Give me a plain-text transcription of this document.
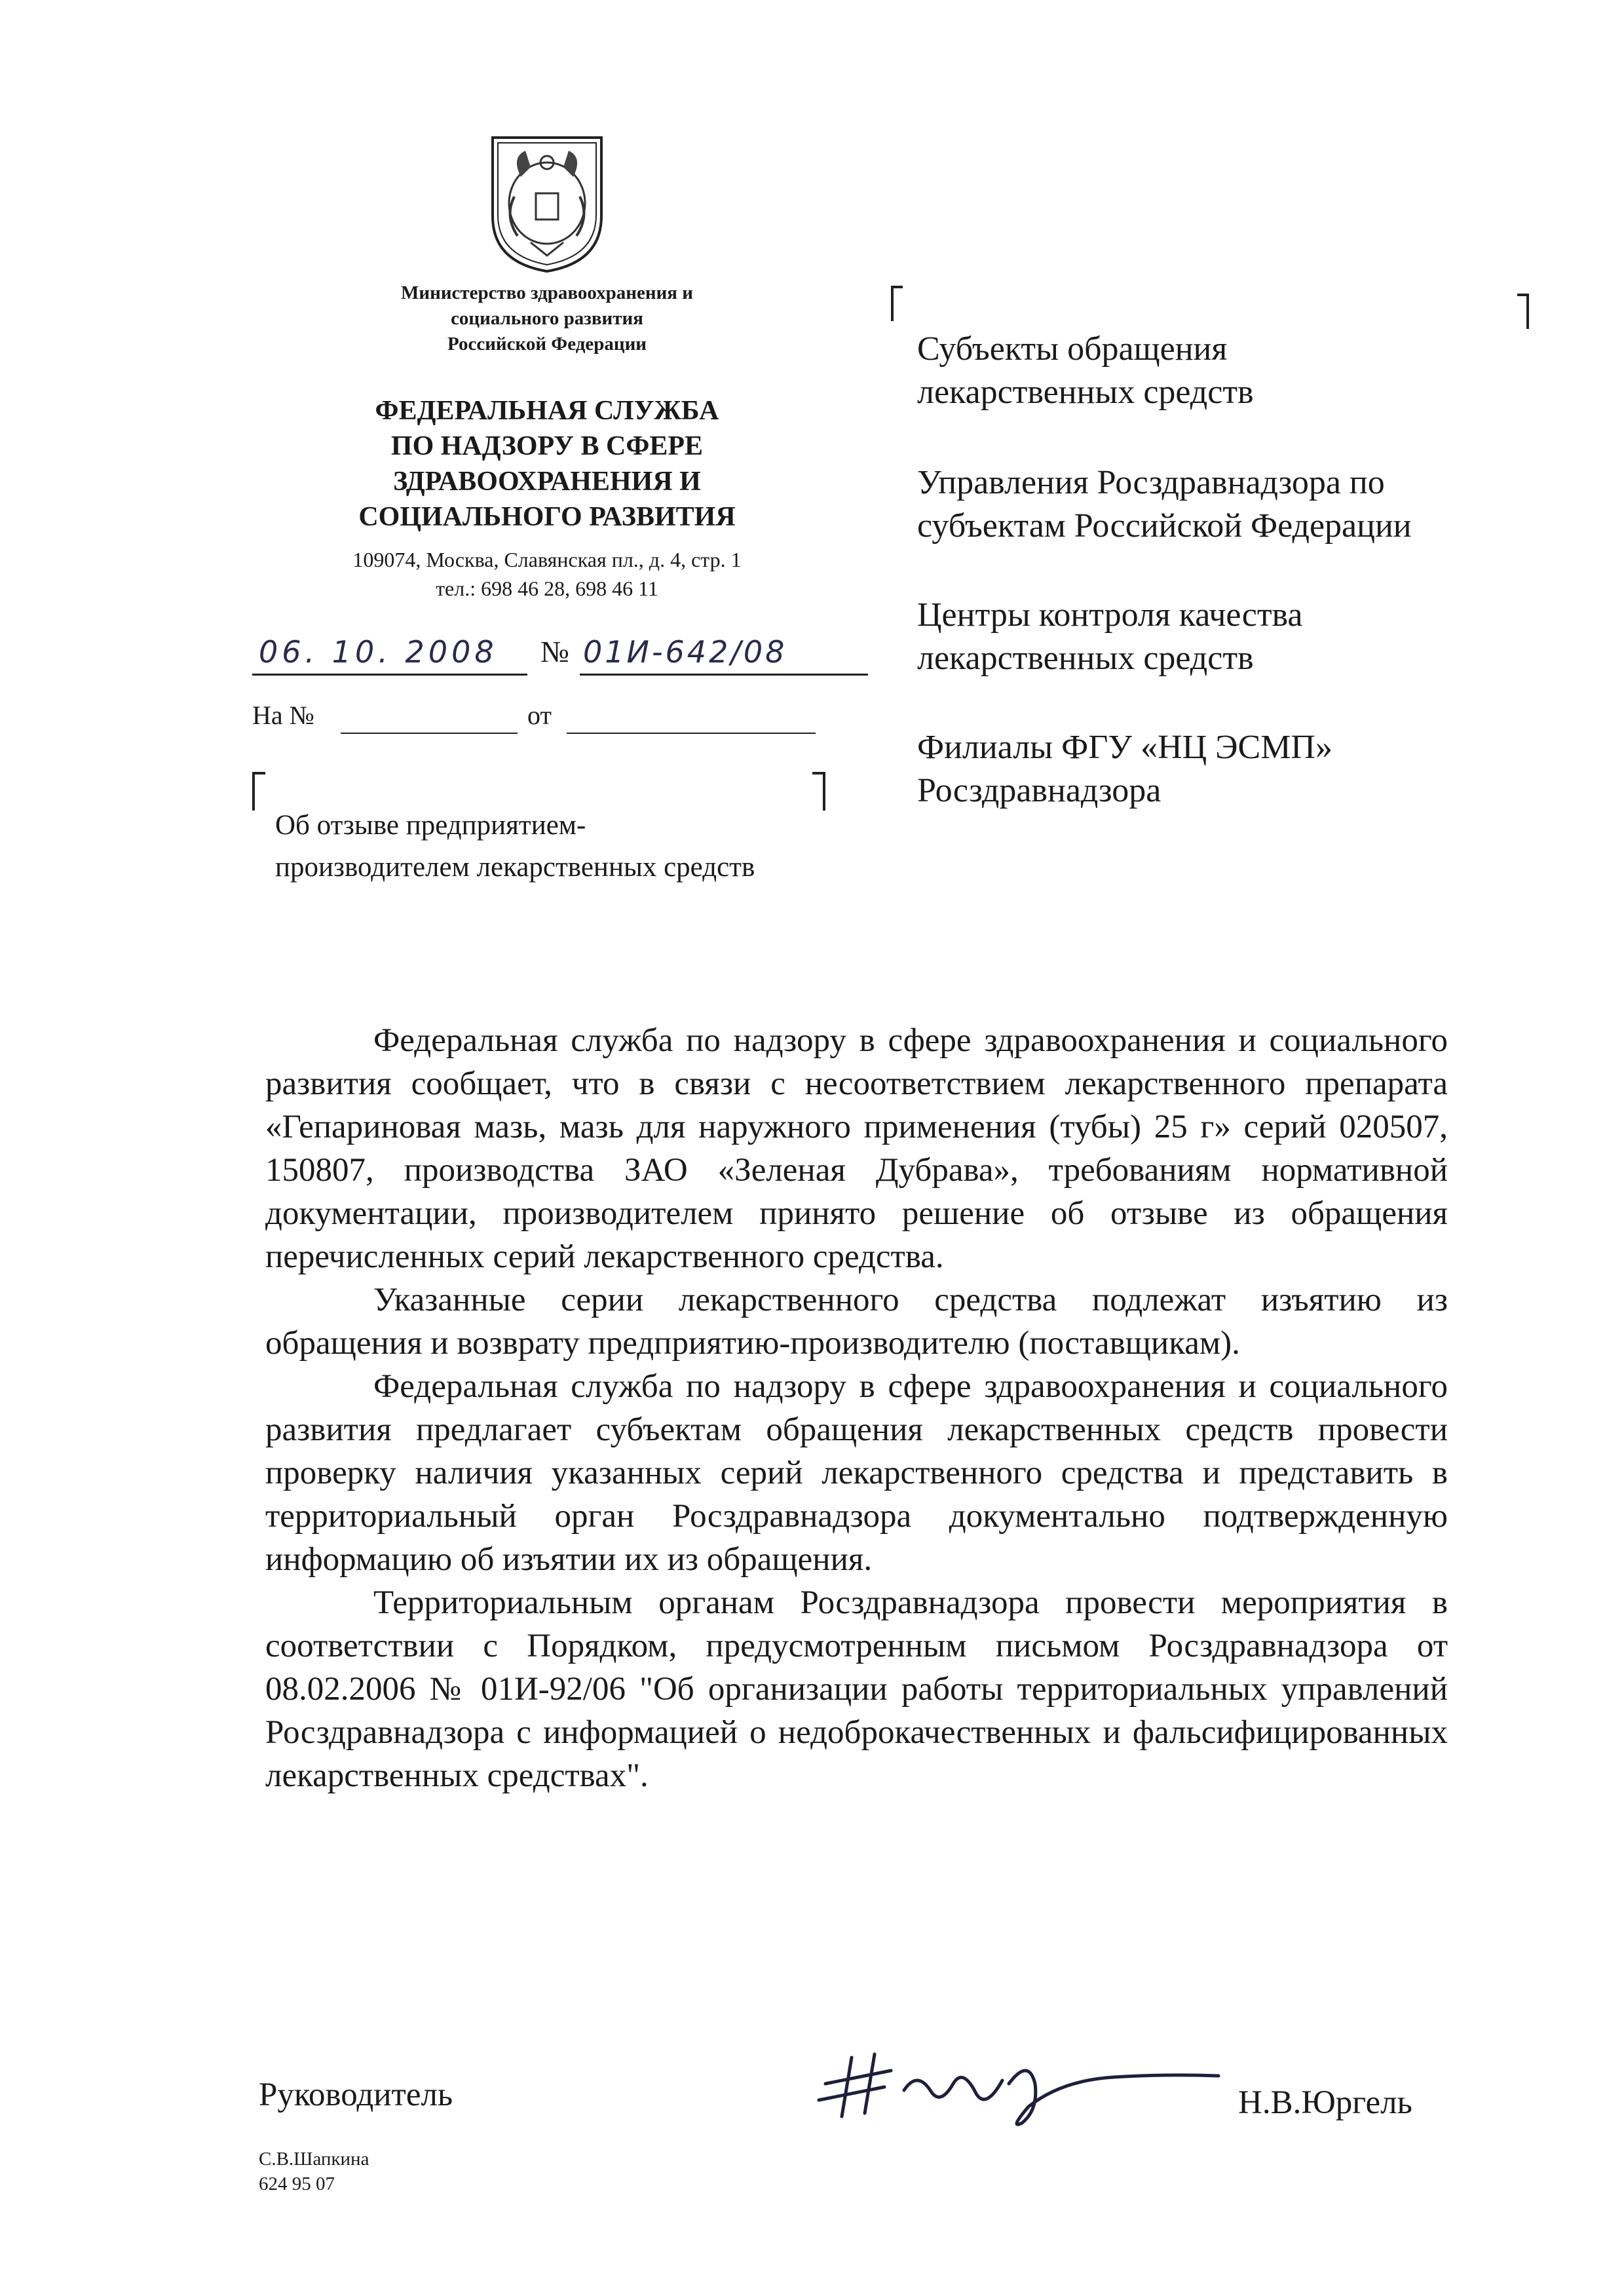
Министерство здравоохранения и
социального развития
Российской Федерации
ФЕДЕРАЛЬНАЯ СЛУЖБА
ПО НАДЗОРУ В СФЕРЕ
ЗДРАВООХРАНЕНИЯ И
СОЦИАЛЬНОГО РАЗВИТИЯ
109074, Москва, Славянская пл., д. 4, стр. 1
тел.: 698 46 28, 698 46 11
06. 10. 2008 № 01И-642/08
На №	от
Об отзыве предприятием-
производителем лекарственных средств
Субъекты обращения
лекарственных средств
Управления Росздравнадзора по
субъектам Российской Федерации
Центры контроля качества
лекарственных средств
Филиалы ФГУ «НЦ ЭСМП»
Росздравнадзора

Федеральная служба по надзору в сфере здравоохранения и социального развития сообщает, что в связи с несоответствием лекарственного препарата «Гепариновая мазь, мазь для наружного применения (тубы) 25 г» серий 020507, 150807, производства ЗАО «Зеленая Дубрава», требованиям нормативной документации, производителем принято решение об отзыве из обращения перечисленных серий лекарственного средства.

Указанные серии лекарственного средства подлежат изъятию из обращения и возврату предприятию-производителю (поставщикам).

Федеральная служба по надзору в сфере здравоохранения и социального развития предлагает субъектам обращения лекарственных средств провести проверку наличия указанных серий лекарственного средства и представить в территориальный орган Росздравнадзора документально подтвержденную информацию об изъятии их из обращения.

Территориальным органам Росздравнадзора провести мероприятия в соответствии с Порядком, предусмотренным письмом Росздравнадзора от 08.02.2006 № 01И-92/06 "Об организации работы территориальных управлений Росздравнадзора с информацией о недоброкачественных и фальсифицированных лекарственных средствах".

Руководитель	Н.В.Юргель
С.В.Шапкина
624 95 07
